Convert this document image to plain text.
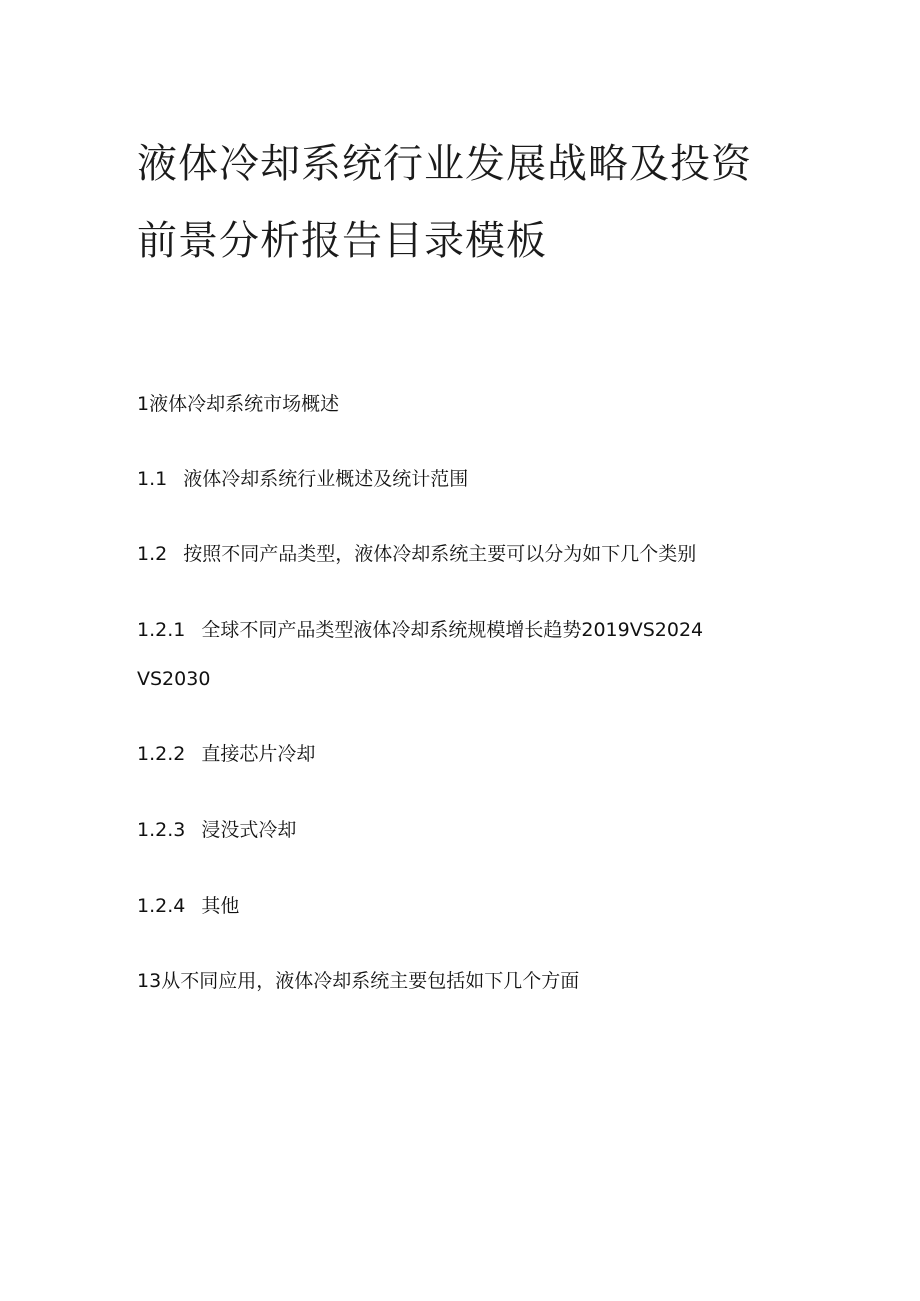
液体冷却系统行业发展战略及投资
前景分析报告目录模板

1液体冷却系统市场概述

1.1 液体冷却系统行业概述及统计范围

1.2 按照不同产品类型，液体冷却系统主要可以分为如下几个类别

1.2.1 全球不同产品类型液体冷却系统规模增长趋势2019VS2024

VS2030

1.2.2 直接芯片冷却

1.2.3 浸没式冷却

1.2.4 其他

13从不同应用，液体冷却系统主要包括如下几个方面
